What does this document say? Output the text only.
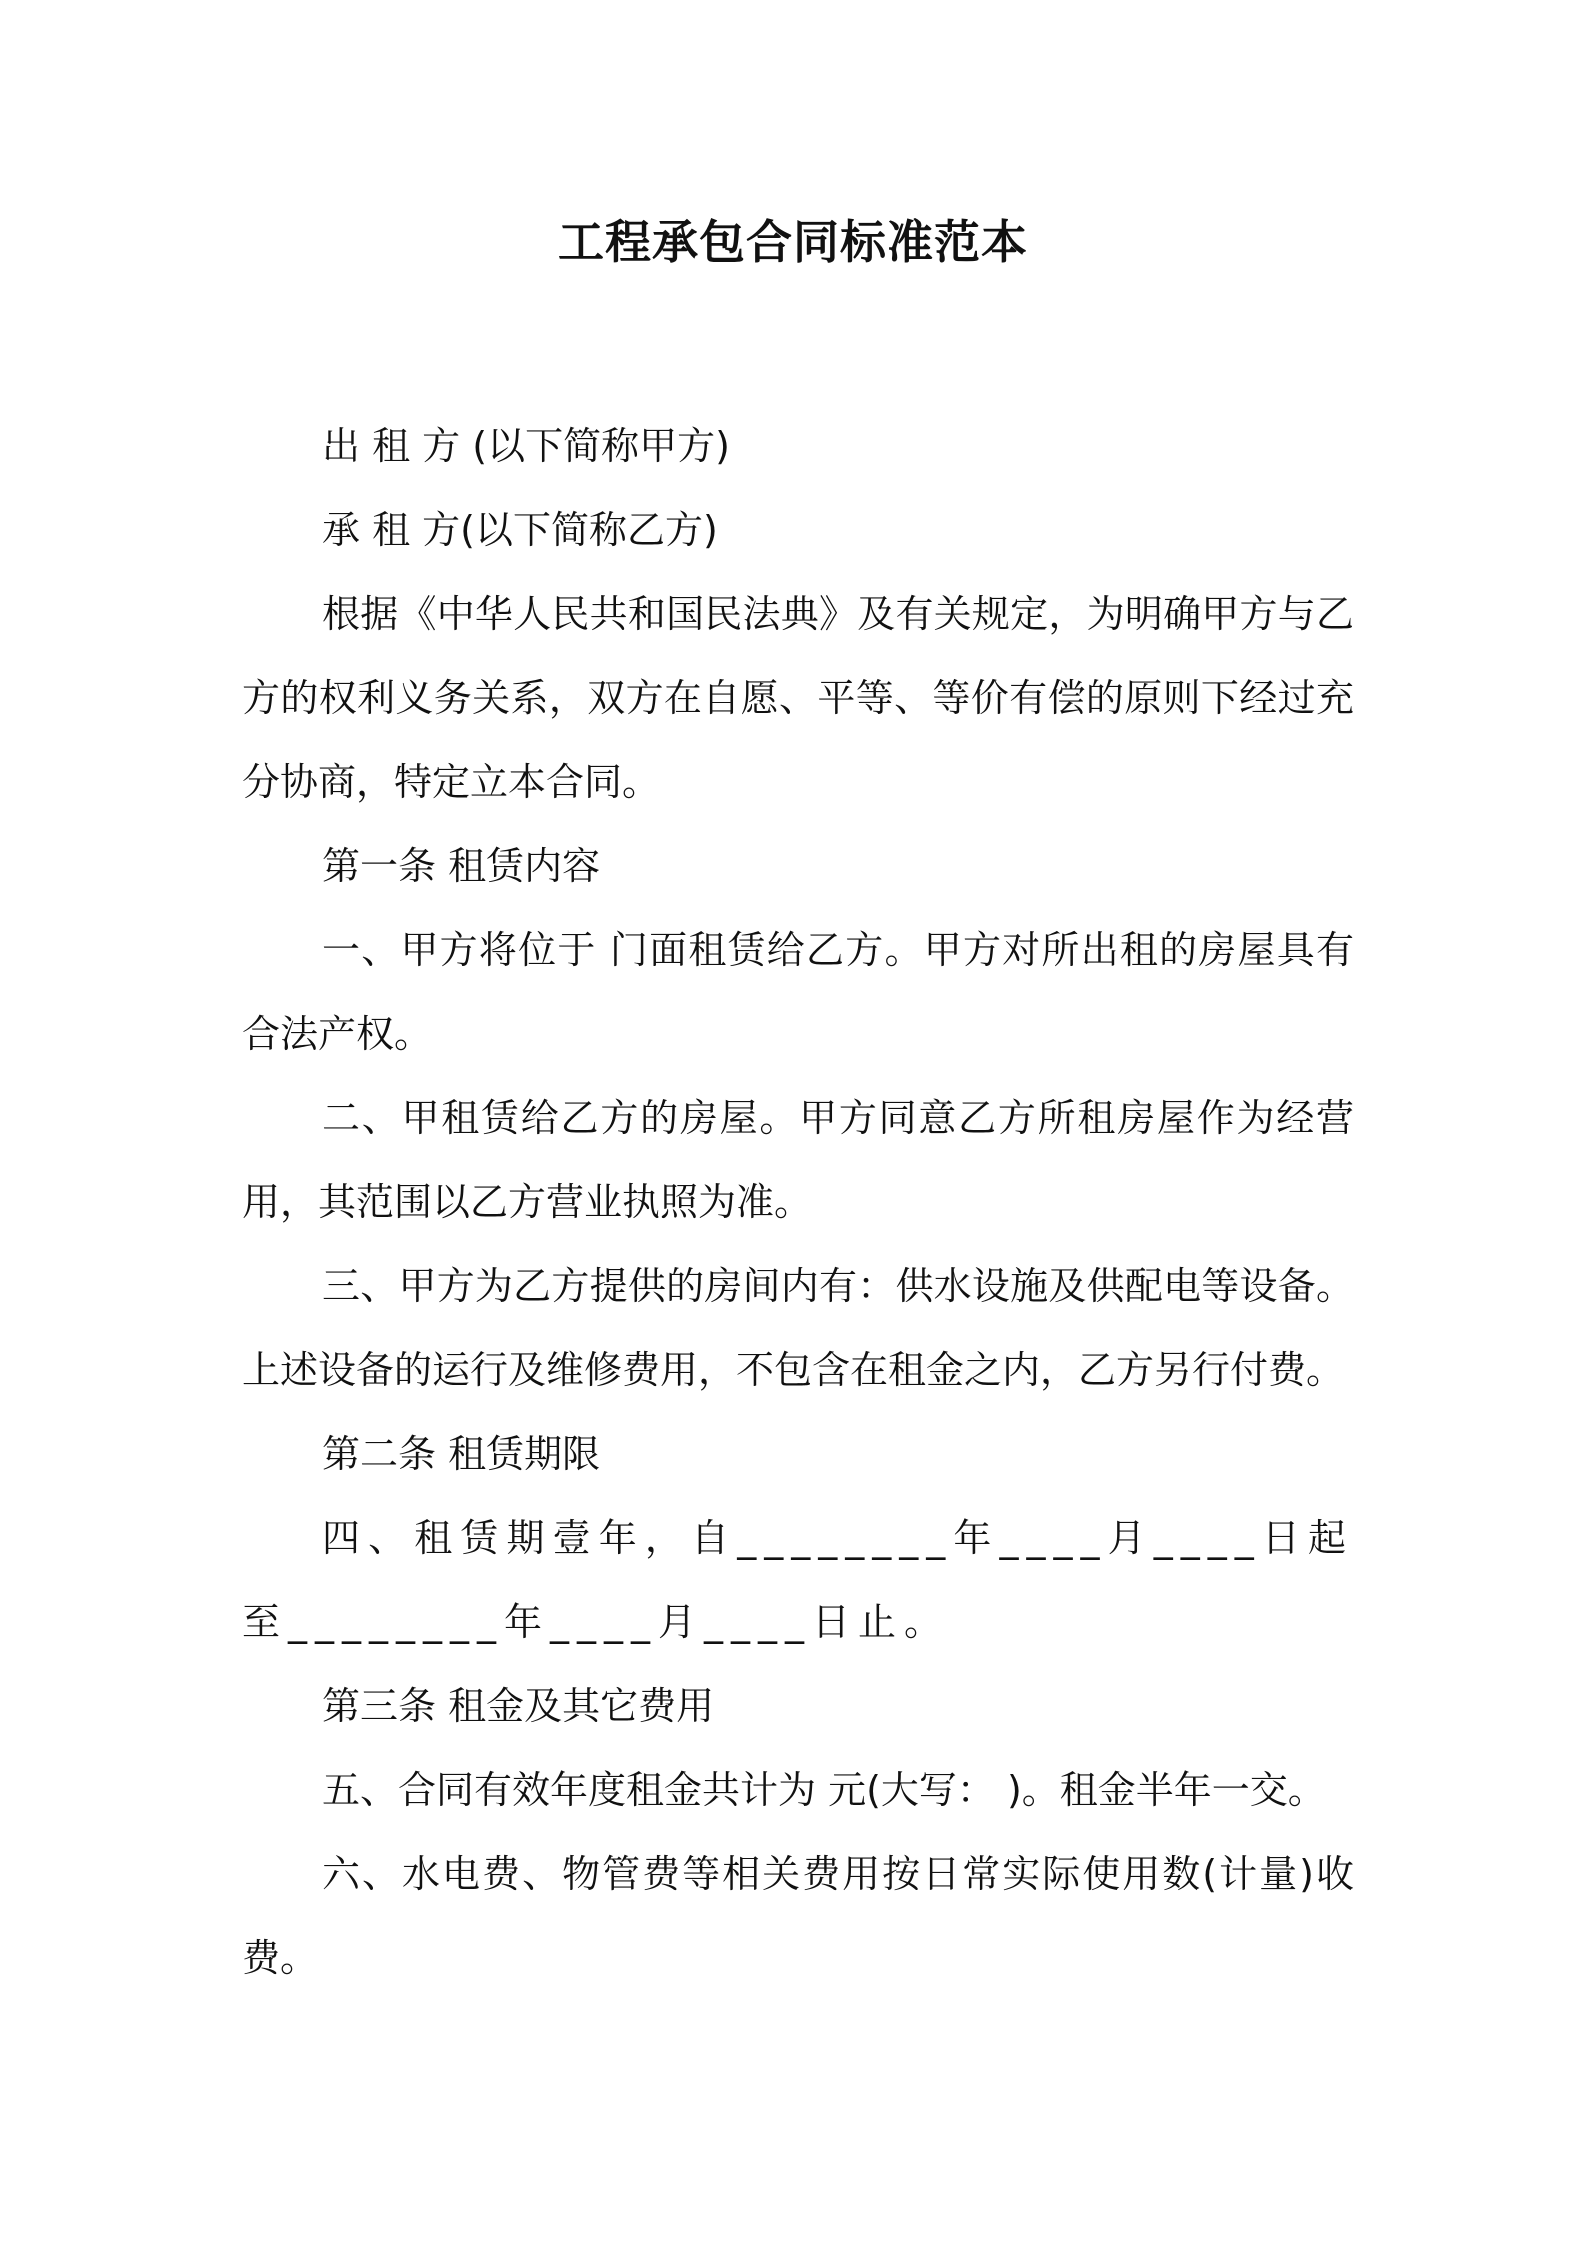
工程承包合同标准范本

出 租 方 (以下简称甲方)

承 租 方(以下简称乙方)

根据《中华人民共和国民法典》及有关规定，为明确甲方与乙方的权利义务关系，双方在自愿、平等、等价有偿的原则下经过充分协商，特定立本合同。

第一条 租赁内容

一、甲方将位于 门面租赁给乙方。甲方对所出租的房屋具有合法产权。

二、甲租赁给乙方的房屋。甲方同意乙方所租房屋作为经营用，其范围以乙方营业执照为准。

三、甲方为乙方提供的房间内有：供水设施及供配电等设备。上述设备的运行及维修费用，不包含在租金之内，乙方另行付费。

第二条 租赁期限

四、租赁期壹年，自________年____月____日起至________年____月____日止。

第三条 租金及其它费用

五、合同有效年度租金共计为 元(大写： )。租金半年一交。

六、水电费、物管费等相关费用按日常实际使用数(计量)收费。
